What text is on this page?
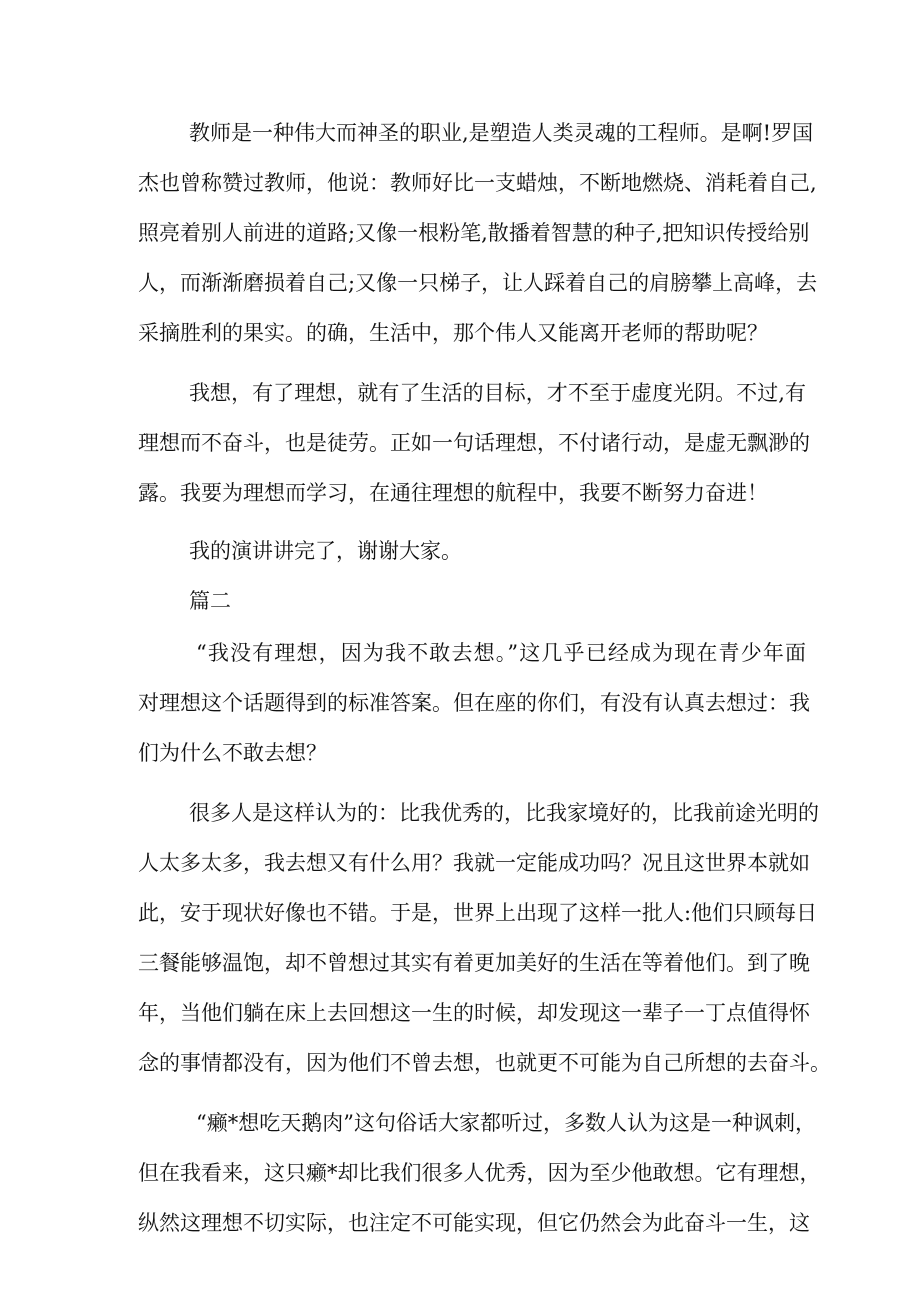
教师是一种伟大而神圣的职业,是塑造人类灵魂的工程师。是啊!罗国
杰也曾称赞过教师，他说：教师好比一支蜡烛，不断地燃烧、消耗着自己,
照亮着别人前进的道路;又像一根粉笔,散播着智慧的种子,把知识传授给别
人，而渐渐磨损着自己;又像一只梯子，让人踩着自己的肩膀攀上高峰，去
采摘胜利的果实。的确，生活中，那个伟人又能离开老师的帮助呢？
我想，有了理想，就有了生活的目标，才不至于虚度光阴。不过,有
理想而不奋斗，也是徒劳。正如一句话理想，不付诸行动，是虚无飘渺的
露。我要为理想而学习，在通往理想的航程中，我要不断努力奋进！
我的演讲讲完了，谢谢大家。
篇二
“我没有理想，因为我不敢去想。”这几乎已经成为现在青少年面
对理想这个话题得到的标准答案。但在座的你们，有没有认真去想过：我
们为什么不敢去想？
很多人是这样认为的：比我优秀的，比我家境好的，比我前途光明的
人太多太多，我去想又有什么用？我就一定能成功吗？况且这世界本就如
此，安于现状好像也不错。于是，世界上出现了这样一批人:他们只顾每日
三餐能够温饱，却不曾想过其实有着更加美好的生活在等着他们。到了晚
年，当他们躺在床上去回想这一生的时候，却发现这一辈子一丁点值得怀
念的事情都没有，因为他们不曾去想，也就更不可能为自己所想的去奋斗。
“癞*想吃天鹅肉”这句俗话大家都听过，多数人认为这是一种讽刺，
但在我看来，这只癞*却比我们很多人优秀，因为至少他敢想。它有理想，
纵然这理想不切实际，也注定不可能实现，但它仍然会为此奋斗一生，这
